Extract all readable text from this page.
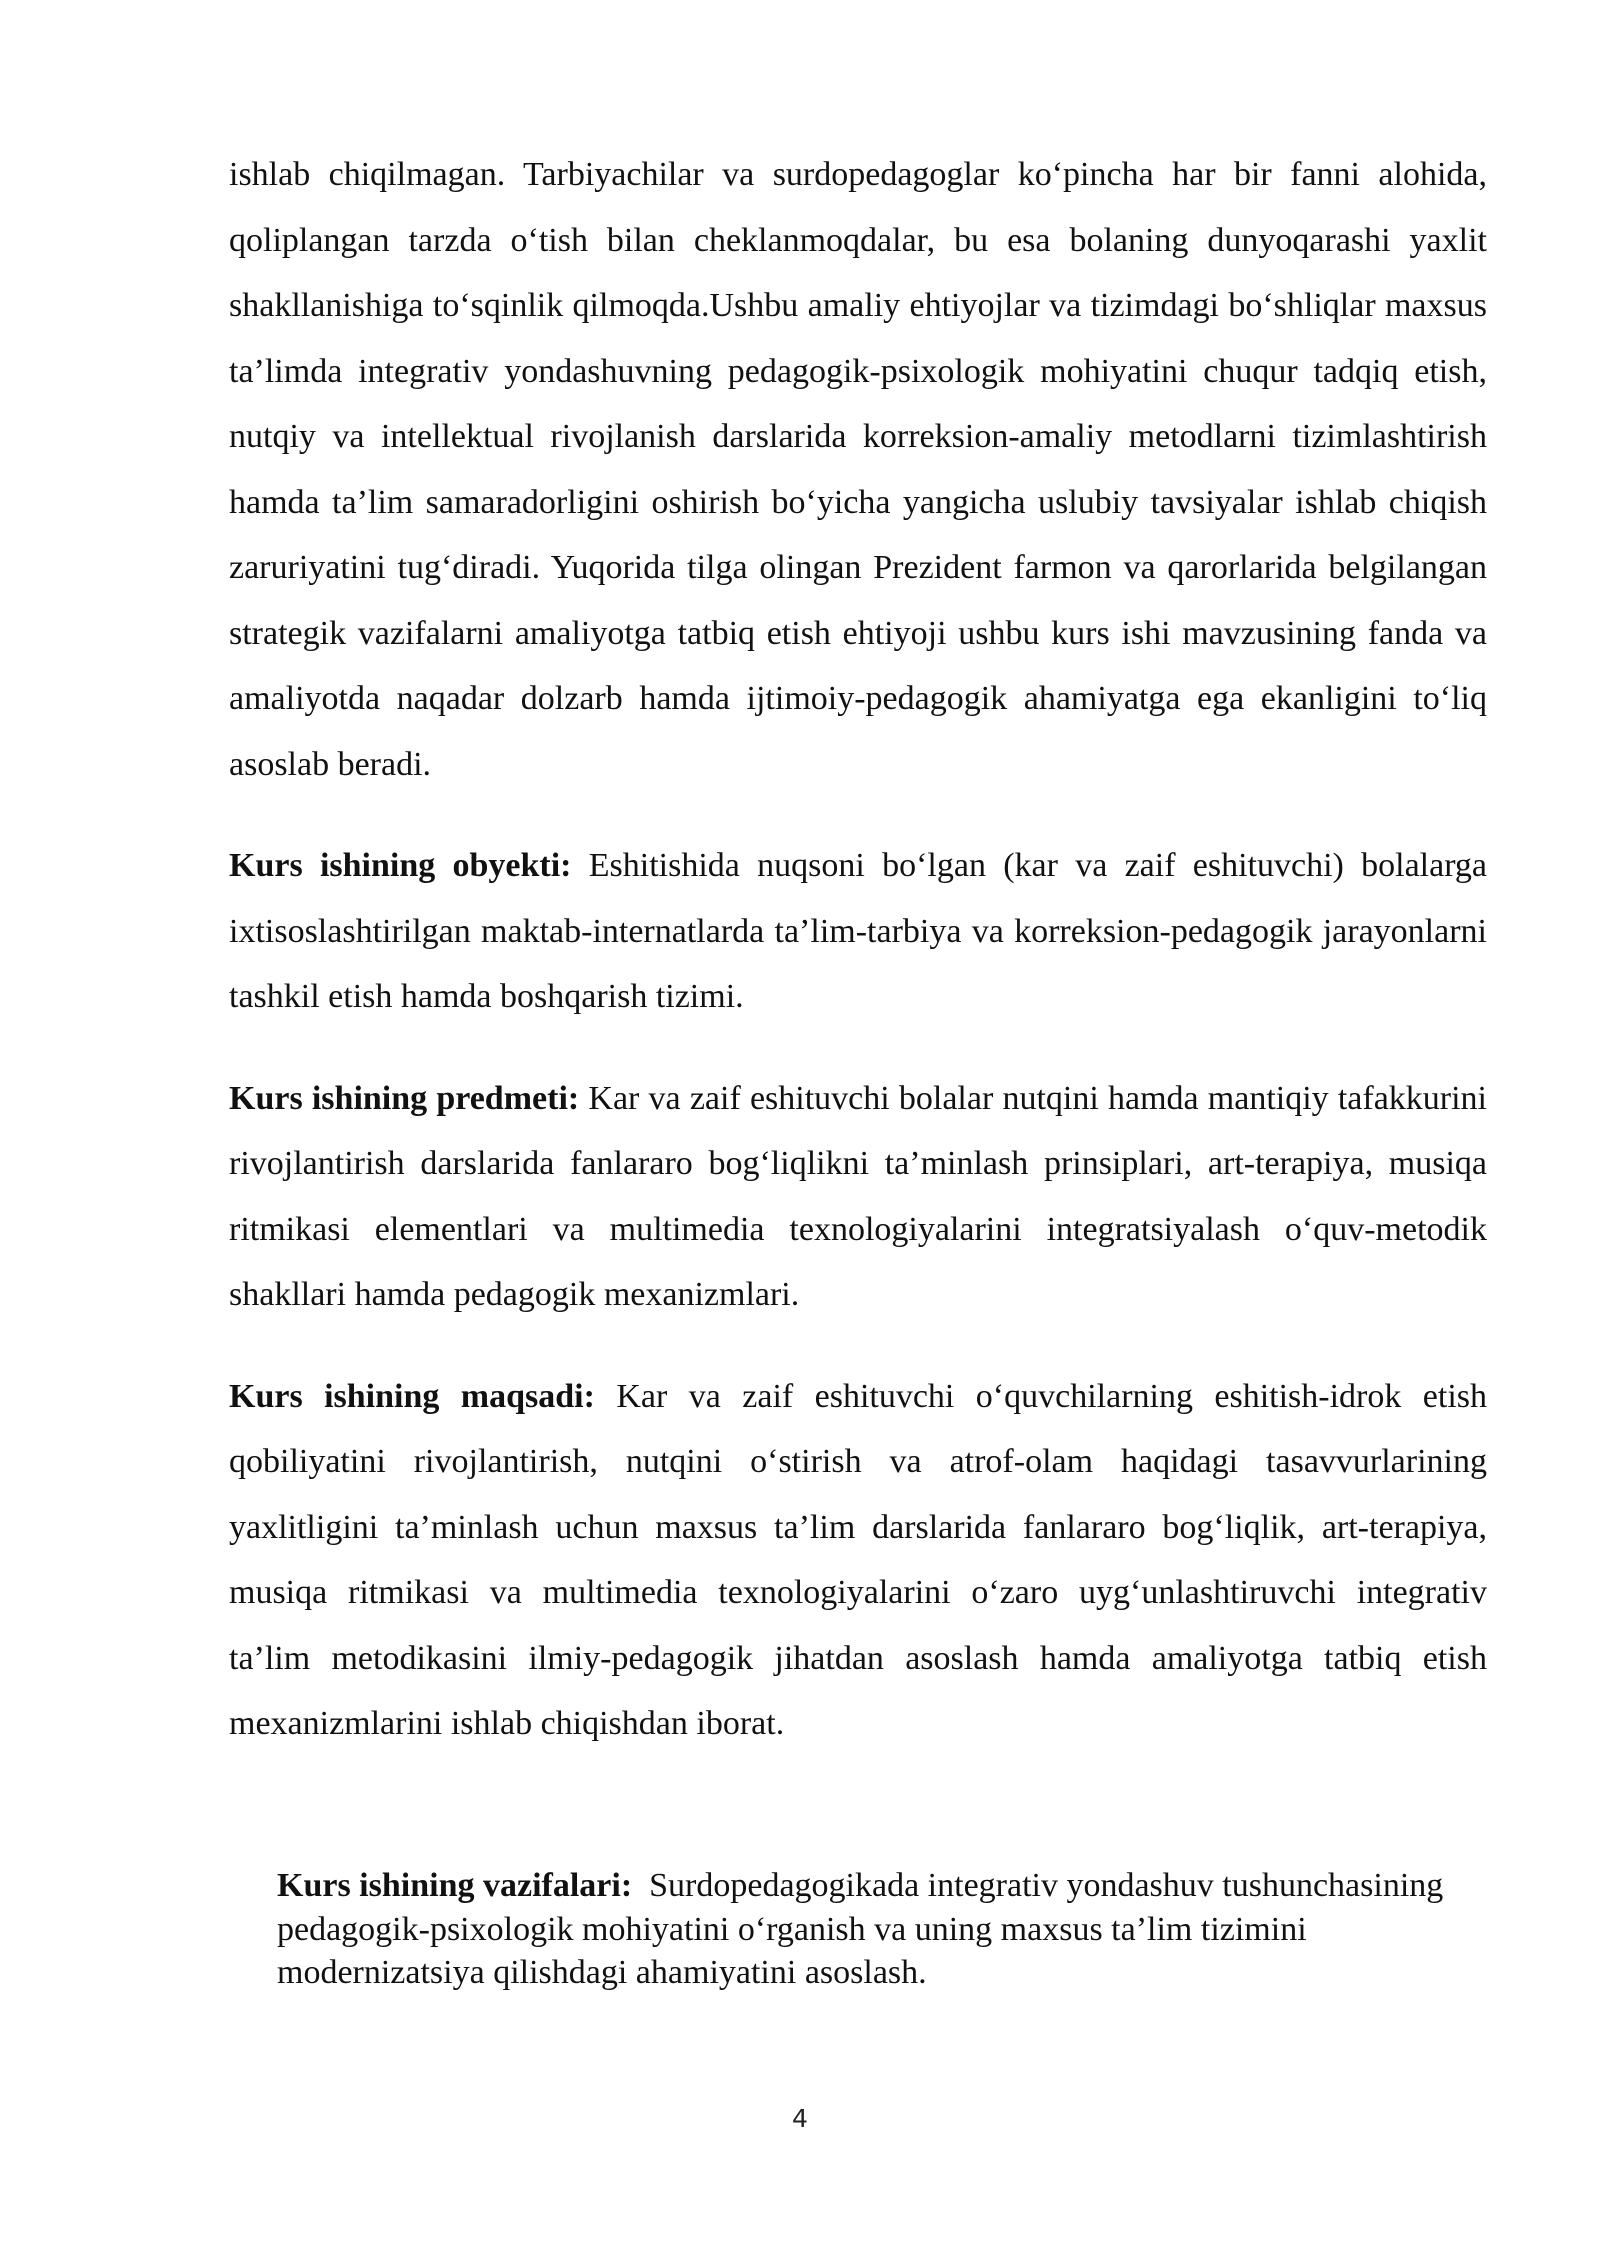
ishlab chiqilmagan. Tarbiyachilar va surdopedagoglar ko‘pincha har bir fanni alohida, qoliplangan tarzda o‘tish bilan cheklanmoqdalar, bu esa bolaning dunyoqarashi yaxlit shakllanishiga to‘sqinlik qilmoqda.Ushbu amaliy ehtiyojlar va tizimdagi bo‘shliqlar maxsus ta’limda integrativ yondashuvning pedagogik-psixologik mohiyatini chuqur tadqiq etish, nutqiy va intellektual rivojlanish darslarida korreksion-amaliy metodlarni tizimlashtirish hamda ta’lim samaradorligini oshirish bo‘yicha yangicha uslubiy tavsiyalar ishlab chiqish zaruriyatini tug‘diradi. Yuqorida tilga olingan Prezident farmon va qarorlarida belgilangan strategik vazifalarni amaliyotga tatbiq etish ehtiyoji ushbu kurs ishi mavzusining fanda va amaliyotda naqadar dolzarb hamda ijtimoiy-pedagogik ahamiyatga ega ekanligini to‘liq asoslab beradi.

Kurs ishining obyekti: Eshitishida nuqsoni bo‘lgan (kar va zaif eshituvchi) bolalarga ixtisoslashtirilgan maktab-internatlarda ta’lim-tarbiya va korreksion-pedagogik jarayonlarni tashkil etish hamda boshqarish tizimi.

Kurs ishining predmeti: Kar va zaif eshituvchi bolalar nutqini hamda mantiqiy tafakkurini rivojlantirish darslarida fanlararo bog‘liqlikni ta’minlash prinsiplari, art-terapiya, musiqa ritmikasi elementlari va multimedia texnologiyalarini integratsiyalash o‘quv-metodik shakllari hamda pedagogik mexanizmlari.

Kurs ishining maqsadi: Kar va zaif eshituvchi o‘quvchilarning eshitish-idrok etish qobiliyatini rivojlantirish, nutqini o‘stirish va atrof-olam haqidagi tasavvurlarining yaxlitligini ta’minlash uchun maxsus ta’lim darslarida fanlararo bog‘liqlik, art-terapiya, musiqa ritmikasi va multimedia texnologiyalarini o‘zaro uyg‘unlashtiruvchi integrativ ta’lim metodikasini ilmiy-pedagogik jihatdan asoslash hamda amaliyotga tatbiq etish mexanizmlarini ishlab chiqishdan iborat.

Kurs ishining vazifalari:  Surdopedagogikada integrativ yondashuv tushunchasining pedagogik-psixologik mohiyatini o‘rganish va uning maxsus ta’lim tizimini modernizatsiya qilishdagi ahamiyatini asoslash.

4
